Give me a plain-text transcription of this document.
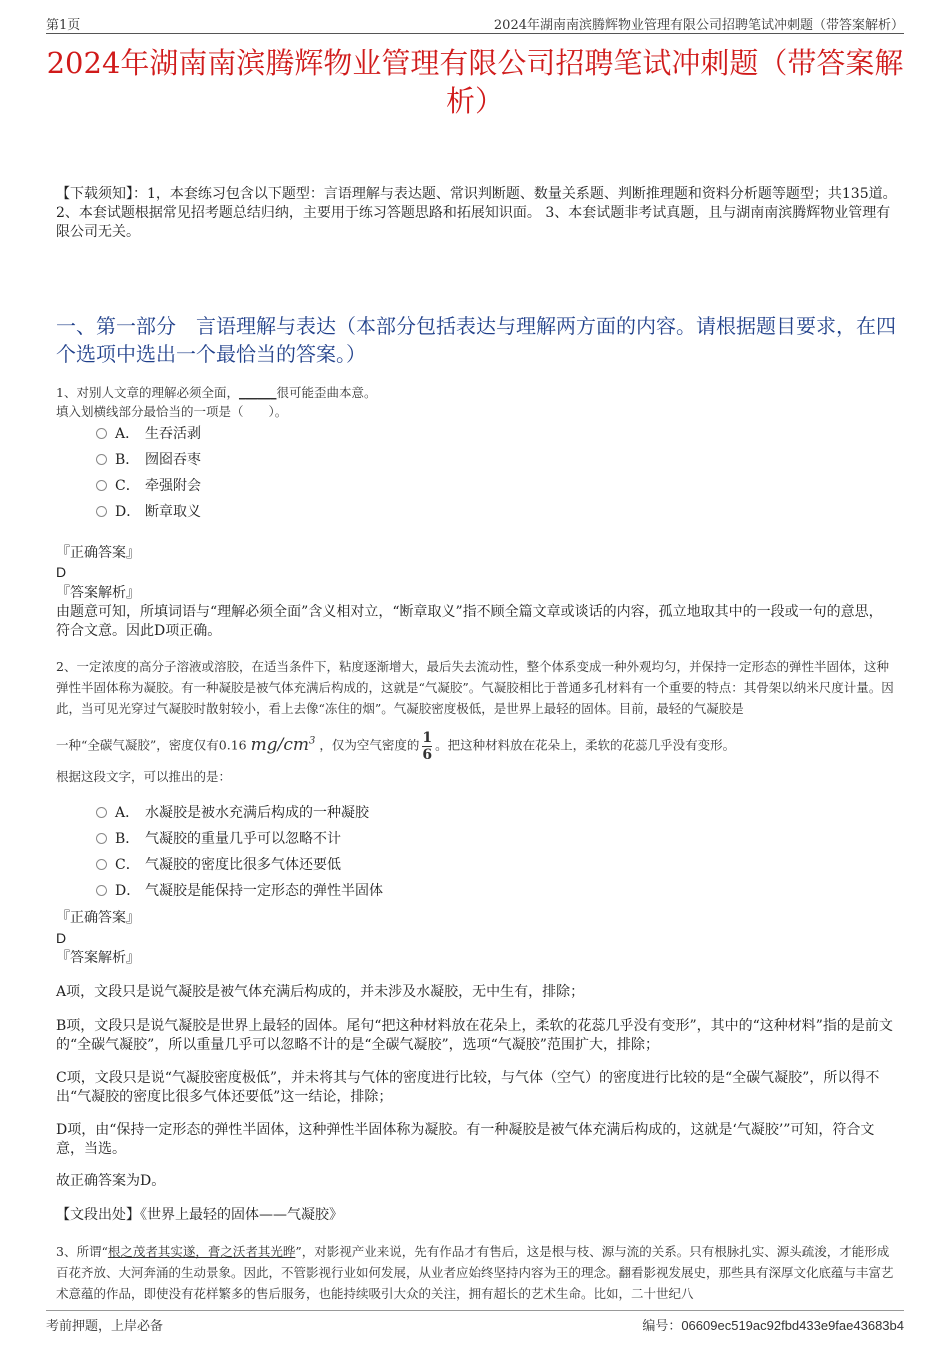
第1页	2024年湖南南滨腾辉物业管理有限公司招聘笔试冲刺题（带答案解析）
2024年湖南南滨腾辉物业管理有限公司招聘笔试冲刺题（带答案解析）
【下载须知】：1，本套练习包含以下题型：言语理解与表达题、常识判断题、数量关系题、判断推理题和资料分析题等题型；共135道。 2、本套试题根据常见招考题总结归纳，主要用于练习答题思路和拓展知识面。 3、本套试题非考试真题，且与湖南南滨腾辉物业管理有限公司无关。
一、第一部分　言语理解与表达（本部分包括表达与理解两方面的内容。请根据题目要求，在四个选项中选出一个最恰当的答案。）
1、对别人文章的理解必须全面，______很可能歪曲本意。
填入划横线部分最恰当的一项是（　　）。
A． 生吞活剥
B． 囫囵吞枣
C． 牵强附会
D． 断章取义
『正确答案』
D
『答案解析』
由题意可知，所填词语与“理解必须全面”含义相对立，“断章取义”指不顾全篇文章或谈话的内容，孤立地取其中的一段或一句的意思，符合文意。因此D项正确。
2、一定浓度的高分子溶液或溶胶，在适当条件下，粘度逐渐增大，最后失去流动性，整个体系变成一种外观均匀，并保持一定形态的弹性半固体，这种弹性半固体称为凝胶。有一种凝胶是被气体充满后构成的，这就是“气凝胶”。气凝胶相比于普通多孔材料有一个重要的特点：其骨架以纳米尺度计量。因此，当可见光穿过气凝胶时散射较小，看上去像“冻住的烟”。气凝胶密度极低，是世界上最轻的固体。目前，最轻的气凝胶是
一种“全碳气凝胶”，密度仅有0.16 $mg/cm^3$ ，仅为空气密度的 $\frac{1}{6}$ 。把这种材料放在花朵上，柔软的花蕊几乎没有变形。
根据这段文字，可以推出的是：
A． 水凝胶是被水充满后构成的一种凝胶
B． 气凝胶的重量几乎可以忽略不计
C． 气凝胶的密度比很多气体还要低
D． 气凝胶是能保持一定形态的弹性半固体
『正确答案』
D
『答案解析』
A项，文段只是说气凝胶是被气体充满后构成的，并未涉及水凝胶，无中生有，排除；
B项，文段只是说气凝胶是世界上最轻的固体。尾句“把这种材料放在花朵上，柔软的花蕊几乎没有变形”，其中的“这种材料”指的是前文的“全碳气凝胶”，所以重量几乎可以忽略不计的是“全碳气凝胶”，选项“气凝胶”范围扩大，排除；
C项，文段只是说“气凝胶密度极低”，并未将其与气体的密度进行比较，与气体（空气）的密度进行比较的是“全碳气凝胶”，所以得不出“气凝胶的密度比很多气体还要低”这一结论，排除；
D项，由“保持一定形态的弹性半固体，这种弹性半固体称为凝胶。有一种凝胶是被气体充满后构成的，这就是‘气凝胶’”可知，符合文意，当选。
故正确答案为D。
【文段出处】《世界上最轻的固体——气凝胶》
3、所谓“根之茂者其实遂，膏之沃者其光晔”，对影视产业来说，先有作品才有售后，这是根与枝、源与流的关系。只有根脉扎实、源头疏浚，才能形成百花齐放、大河奔涌的生动景象。因此，不管影视行业如何发展，从业者应始终坚持内容为王的理念。翻看影视发展史，那些具有深厚文化底蕴与丰富艺术意蕴的作品，即使没有花样繁多的售后服务，也能持续吸引大众的关注，拥有超长的艺术生命。比如，二十世纪八
考前押题，上岸必备	编号：06609ec519ac92fbd433e9fae43683b4
